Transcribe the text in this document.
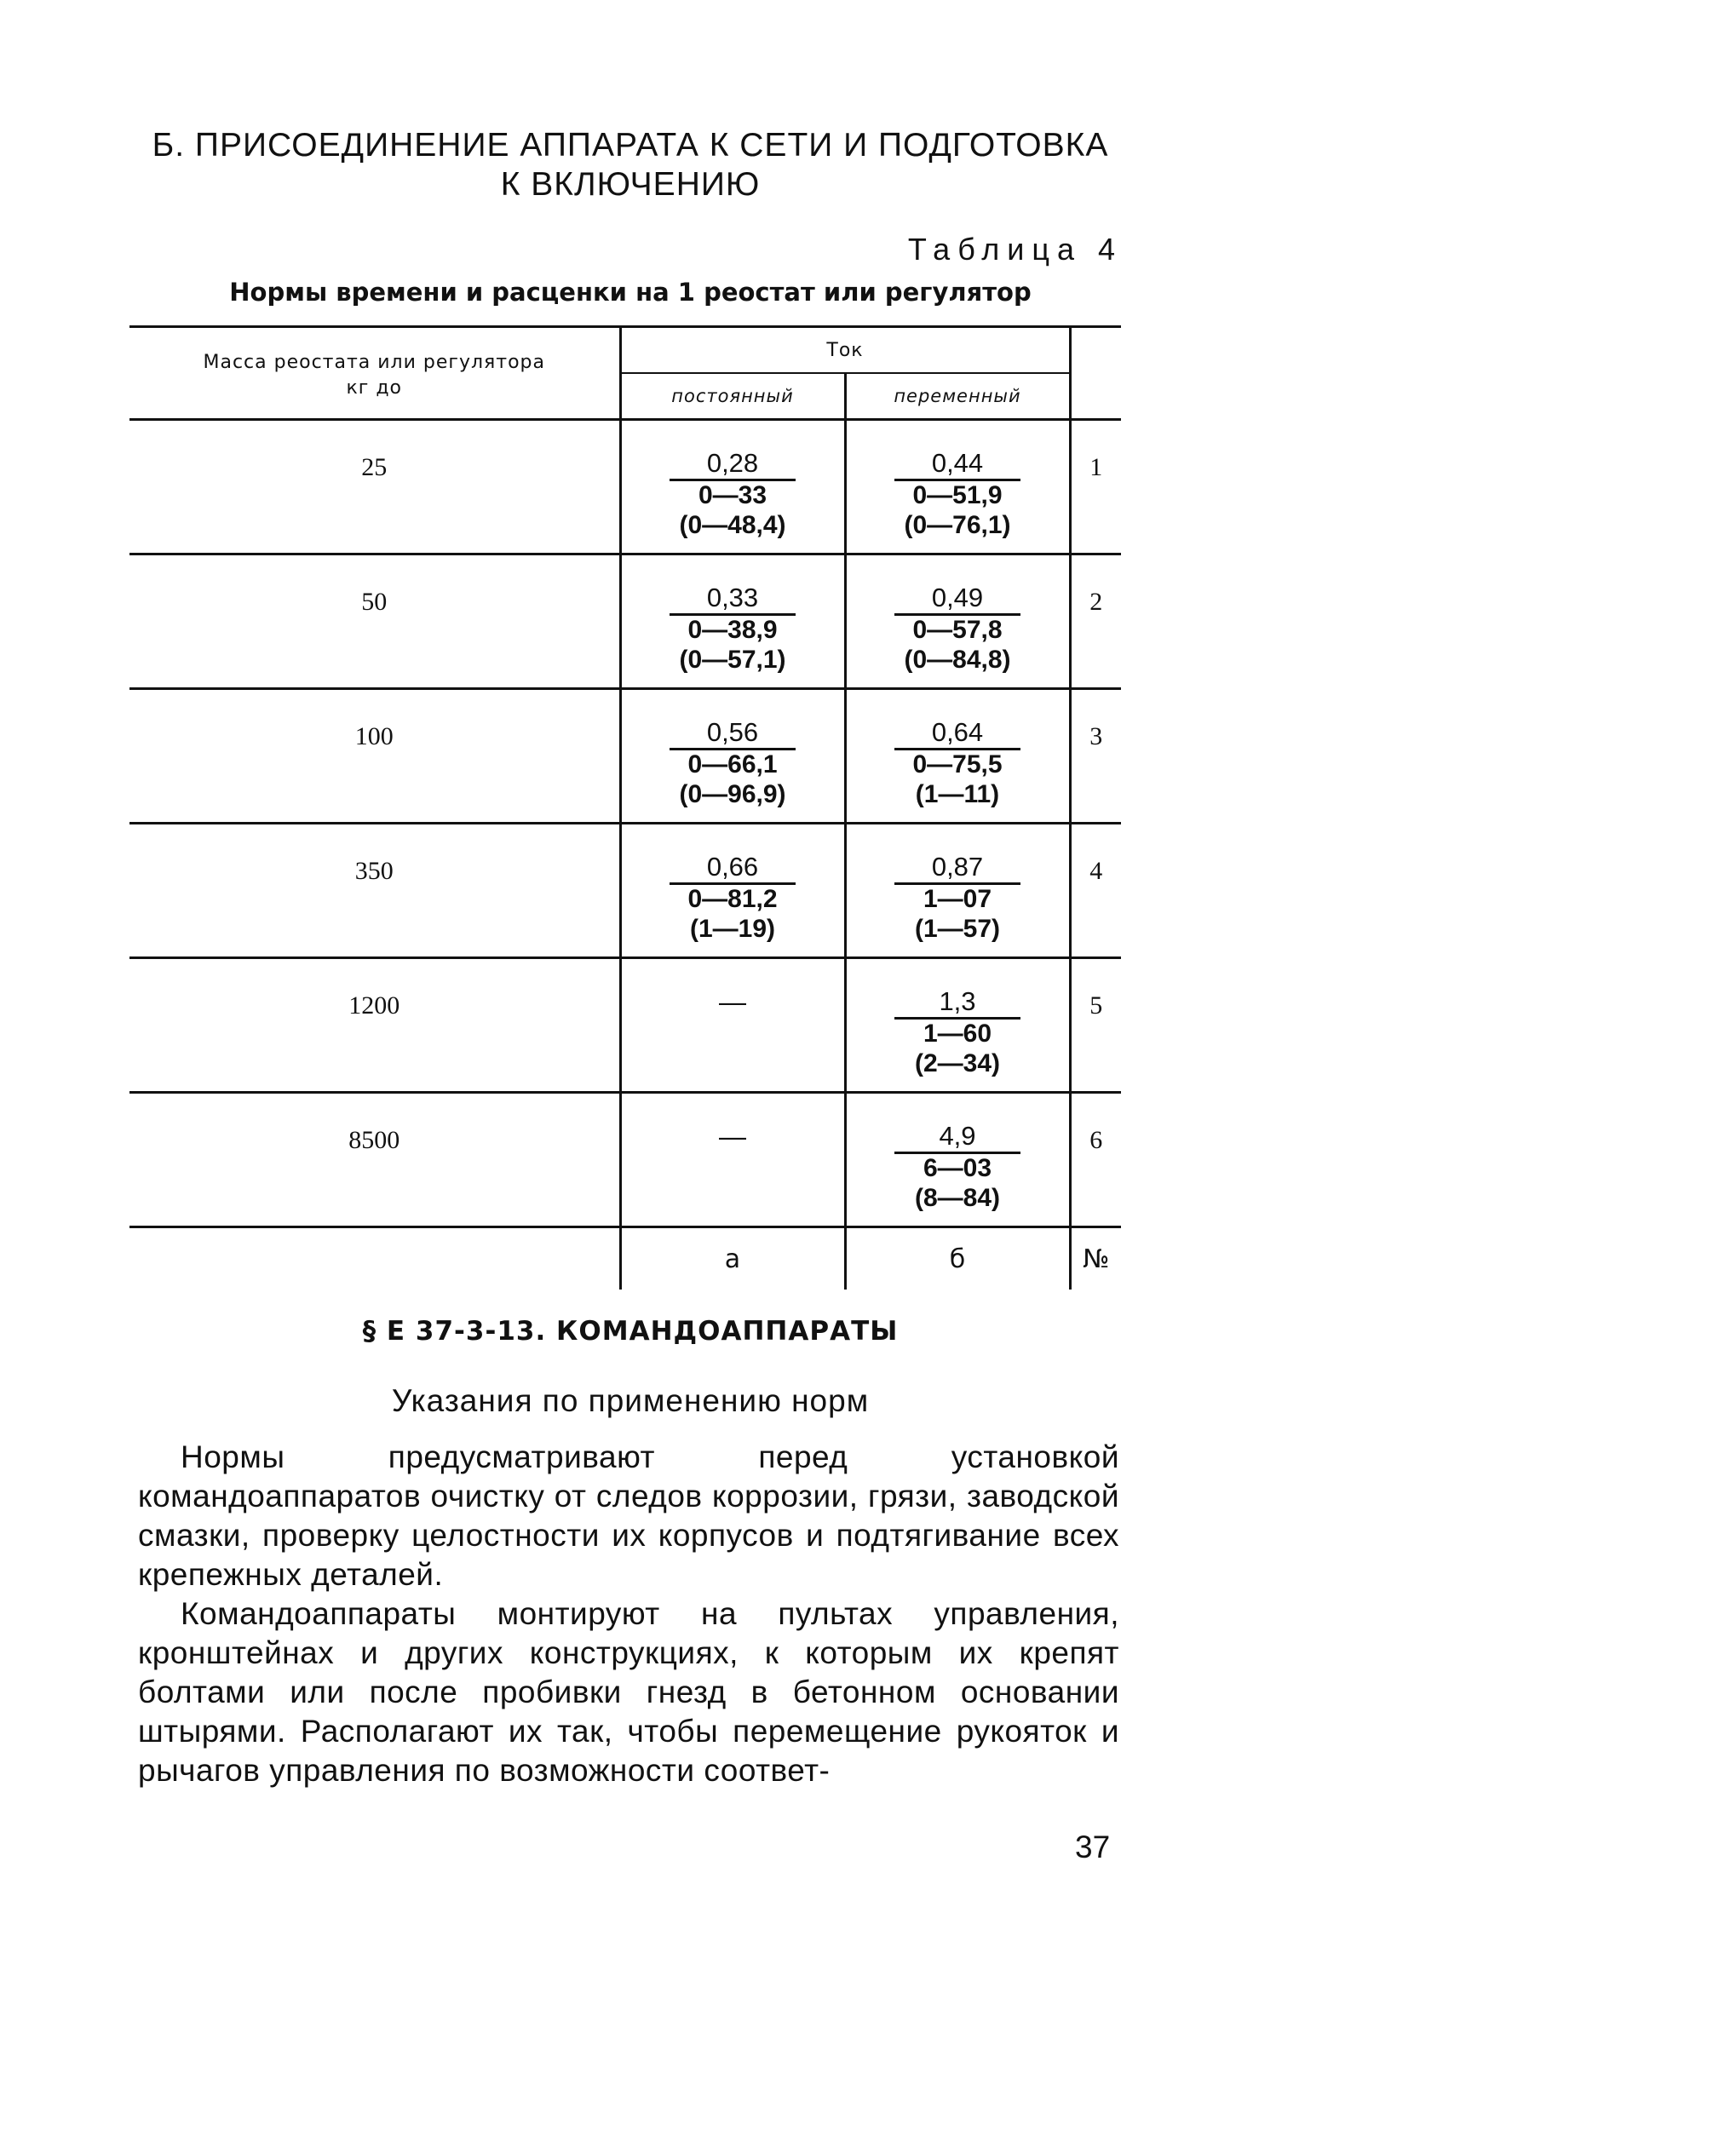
Б. ПРИСОЕДИНЕНИЕ АППАРАТА К СЕТИ И ПОДГОТОВКА
К ВКЛЮЧЕНИЮ
Таблица 4
Нормы времени и расценки на 1 реостат или регулятор
Масса реостата или регулятора
кг до	Ток		
	постоянный	переменный	

25	0,28
0—33
(0—48,4)	0,44
0—51,9
(0—76,1)	1

50	0,33
0—38,9
(0—57,1)	0,49
0—57,8
(0—84,8)	2

100	0,56
0—66,1
(0—96,9)	0,64
0—75,5
(1—11)	3

350	0,66
0—81,2
(1—19)	0,87
1—07
(1—57)	4

1200	—	1,3
1—60
(2—34)	5

8500	—	4,9
6—03
(8—84)	6

	а	б	№
§ Е 37-3-13. КОМАНДОАППАРАТЫ
Указания по применению норм

Нормы предусматривают перед установкой командоаппаратов очистку от следов коррозии, грязи, заводской смазки, проверку целостности их корпусов и подтягивание всех крепежных деталей.

Командоаппараты монтируют на пультах управления, кронштейнах и других конструкциях, к которым их крепят болтами или после пробивки гнезд в бетонном основании штырями. Располагают их так, чтобы перемещение рукояток и рычагов управления по возможности соответ-

37
